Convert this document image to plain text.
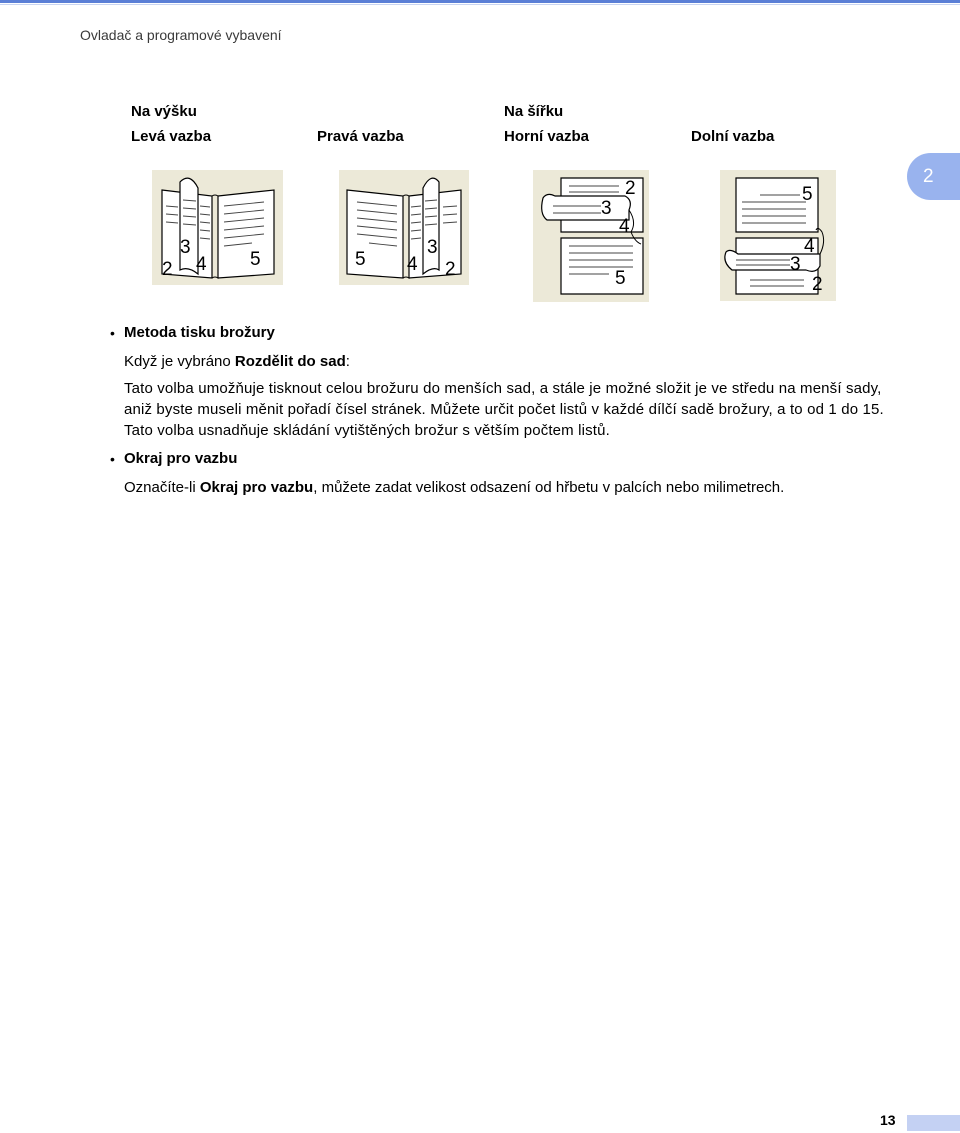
Ovladač a programové vybavení
2
Na výšku	Na šířku
Levá vazba	Pravá vazba	Horní vazba	Dolní vazba
2
3
4 5	5 4
3
2
2
3
4
5
5
4
3
2
• Metoda tisku brožury
Když je vybráno Rozdělit do sad:
Tato volba umožňuje tisknout celou brožuru do menších sad, a stále je možné složit je ve středu na menší sady, aniž byste museli měnit pořadí čísel stránek. Můžete určit počet listů v každé dílčí sadě brožury, a to od 1 do 15. Tato volba usnadňuje skládání vytištěných brožur s větším počtem listů.
• Okraj pro vazbu
Označíte-li Okraj pro vazbu, můžete zadat velikost odsazení od hřbetu v palcích nebo milimetrech.
13
